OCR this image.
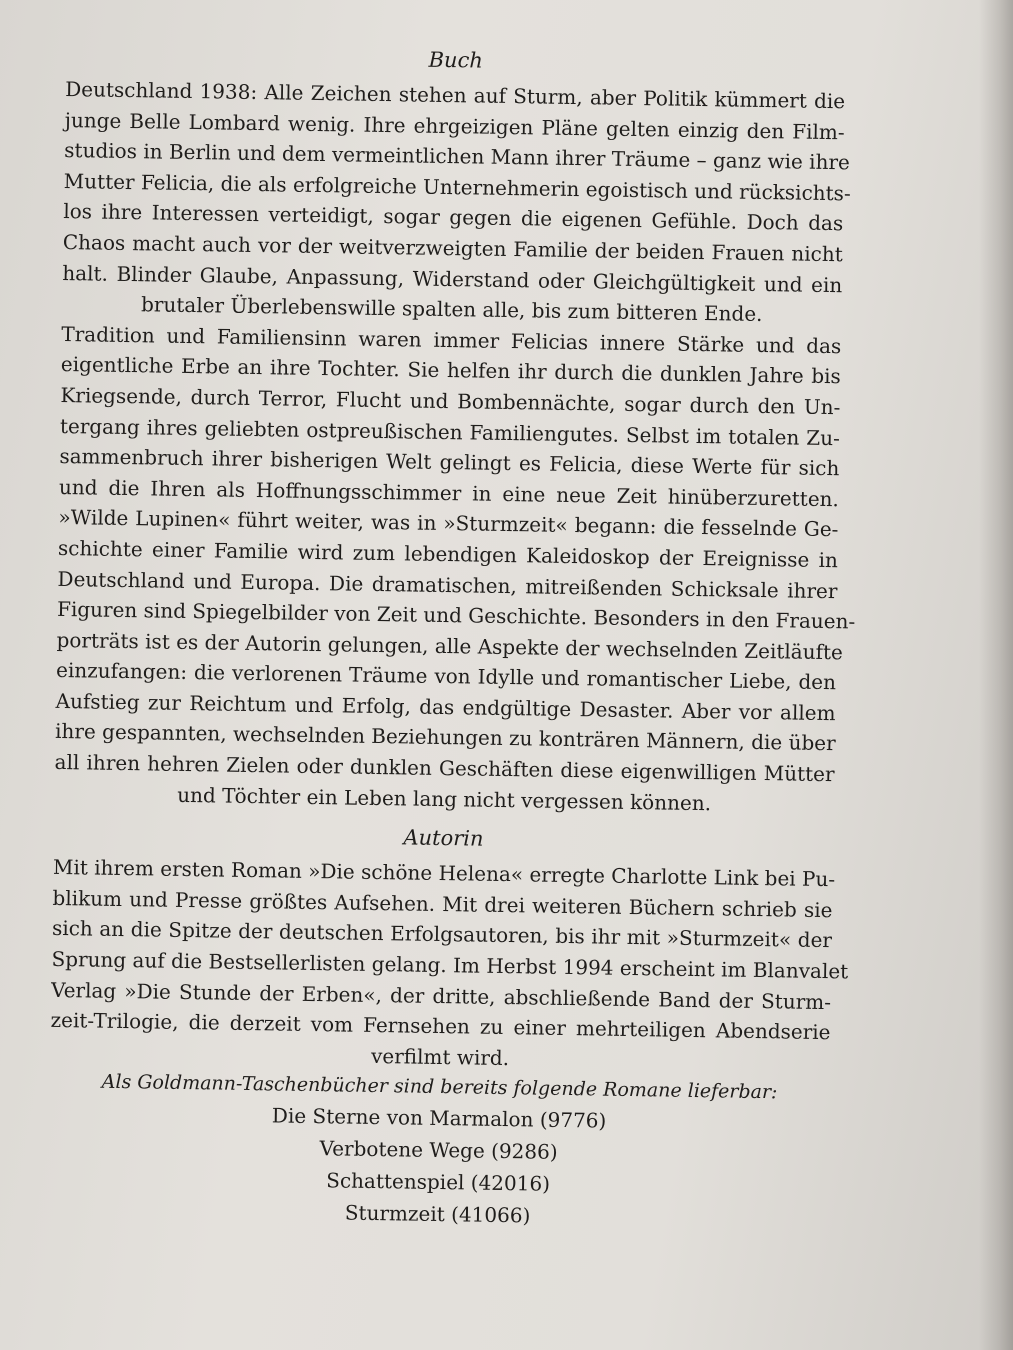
Buch
Deutschland 1938: Alle Zeichen stehen auf Sturm, aber Politik kümmert die
junge Belle Lombard wenig. Ihre ehrgeizigen Pläne gelten einzig den Film-
studios in Berlin und dem vermeintlichen Mann ihrer Träume – ganz wie ihre
Mutter Felicia, die als erfolgreiche Unternehmerin egoistisch und rücksichts-
los ihre Interessen verteidigt, sogar gegen die eigenen Gefühle. Doch das
Chaos macht auch vor der weitverzweigten Familie der beiden Frauen nicht
halt. Blinder Glaube, Anpassung, Widerstand oder Gleichgültigkeit und ein
brutaler Überlebenswille spalten alle, bis zum bitteren Ende.
Tradition und Familiensinn waren immer Felicias innere Stärke und das
eigentliche Erbe an ihre Tochter. Sie helfen ihr durch die dunklen Jahre bis
Kriegsende, durch Terror, Flucht und Bombennächte, sogar durch den Un-
tergang ihres geliebten ostpreußischen Familiengutes. Selbst im totalen Zu-
sammenbruch ihrer bisherigen Welt gelingt es Felicia, diese Werte für sich
und die Ihren als Hoffnungsschimmer in eine neue Zeit hinüberzuretten.
»Wilde Lupinen« führt weiter, was in »Sturmzeit« begann: die fesselnde Ge-
schichte einer Familie wird zum lebendigen Kaleidoskop der Ereignisse in
Deutschland und Europa. Die dramatischen, mitreißenden Schicksale ihrer
Figuren sind Spiegelbilder von Zeit und Geschichte. Besonders in den Frauen-
porträts ist es der Autorin gelungen, alle Aspekte der wechselnden Zeitläufte
einzufangen: die verlorenen Träume von Idylle und romantischer Liebe, den
Aufstieg zur Reichtum und Erfolg, das endgültige Desaster. Aber vor allem
ihre gespannten, wechselnden Beziehungen zu konträren Männern, die über
all ihren hehren Zielen oder dunklen Geschäften diese eigenwilligen Mütter
und Töchter ein Leben lang nicht vergessen können.
Autorin
Mit ihrem ersten Roman »Die schöne Helena« erregte Charlotte Link bei Pu-
blikum und Presse größtes Aufsehen. Mit drei weiteren Büchern schrieb sie
sich an die Spitze der deutschen Erfolgsautoren, bis ihr mit »Sturmzeit« der
Sprung auf die Bestsellerlisten gelang. Im Herbst 1994 erscheint im Blanvalet
Verlag »Die Stunde der Erben«, der dritte, abschließende Band der Sturm-
zeit-Trilogie, die derzeit vom Fernsehen zu einer mehrteiligen Abendserie
verfilmt wird.
Als Goldmann-Taschenbücher sind bereits folgende Romane lieferbar:
Die Sterne von Marmalon (9776)
Verbotene Wege (9286)
Schattenspiel (42016)
Sturmzeit (41066)
